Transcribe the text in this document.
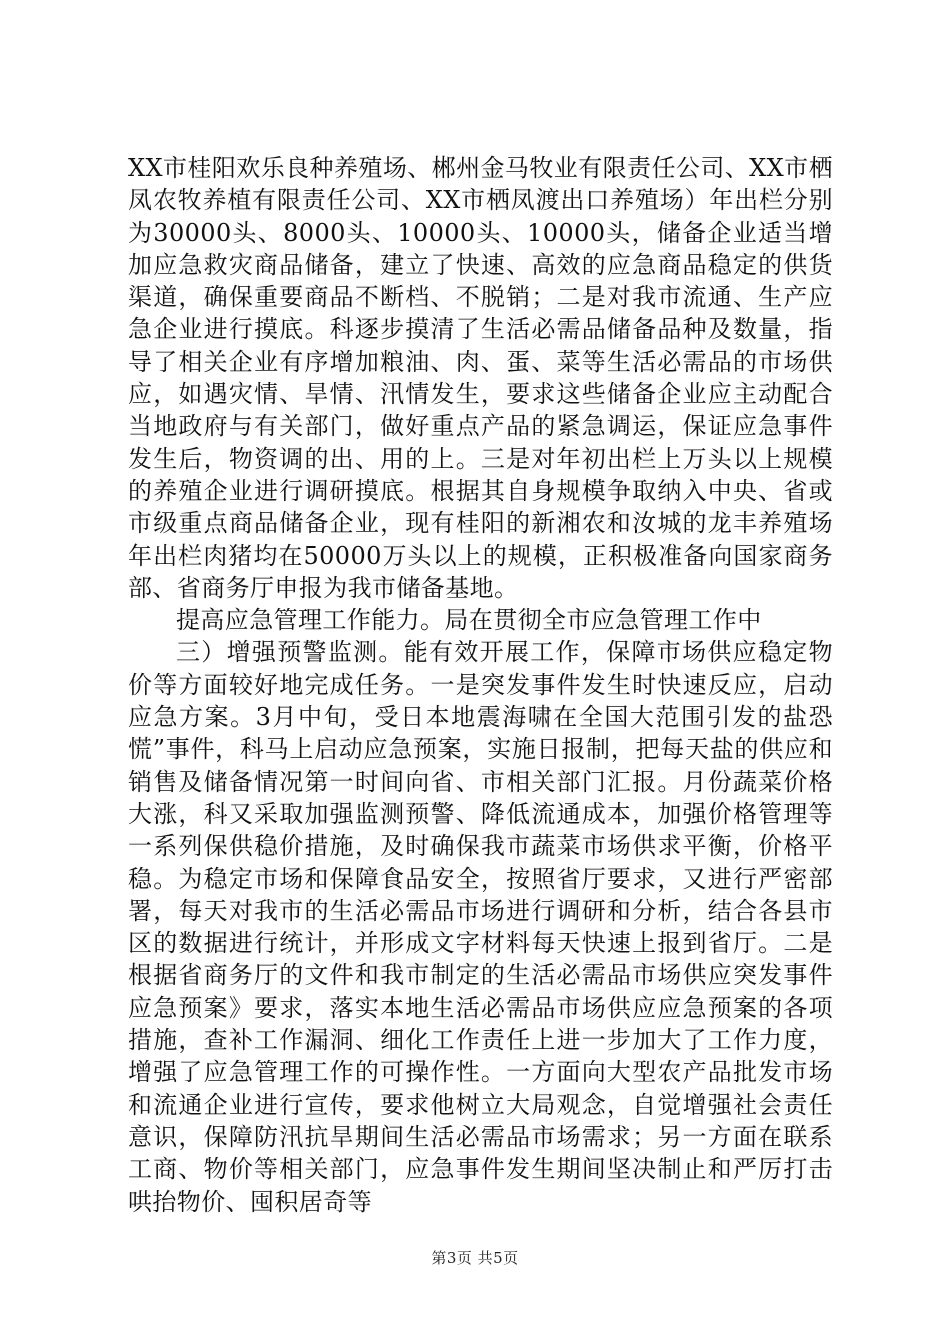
XX市桂阳欢乐良种养殖场、郴州金马牧业有限责任公司、XX市栖凤农牧养植有限责任公司、XX市栖凤渡出口养殖场）年出栏分别为30000头、8000头、10000头、10000头，储备企业适当增加应急救灾商品储备，建立了快速、高效的应急商品稳定的供货渠道，确保重要商品不断档、不脱销；二是对我市流通、生产应急企业进行摸底。科逐步摸清了生活必需品储备品种及数量，指导了相关企业有序增加粮油、肉、蛋、菜等生活必需品的市场供应，如遇灾情、旱情、汛情发生，要求这些储备企业应主动配合当地政府与有关部门，做好重点产品的紧急调运，保证应急事件发生后，物资调的出、用的上。三是对年初出栏上万头以上规模的养殖企业进行调研摸底。根据其自身规模争取纳入中央、省或市级重点商品储备企业，现有桂阳的新湘农和汝城的龙丰养殖场年出栏肉猪均在50000万头以上的规模，正积极准备向国家商务部、省商务厅申报为我市储备基地。

提高应急管理工作能力。局在贯彻全市应急管理工作中

三）增强预警监测。能有效开展工作，保障市场供应稳定物价等方面较好地完成任务。一是突发事件发生时快速反应，启动应急方案。3月中旬，受日本地震海啸在全国大范围引发的盐恐慌”事件，科马上启动应急预案，实施日报制，把每天盐的供应和销售及储备情况第一时间向省、市相关部门汇报。月份蔬菜价格大涨，科又采取加强监测预警、降低流通成本，加强价格管理等一系列保供稳价措施，及时确保我市蔬菜市场供求平衡，价格平稳。为稳定市场和保障食品安全，按照省厅要求，又进行严密部署，每天对我市的生活必需品市场进行调研和分析，结合各县市区的数据进行统计，并形成文字材料每天快速上报到省厅。二是根据省商务厅的文件和我市制定的生活必需品市场供应突发事件应急预案》要求，落实本地生活必需品市场供应应急预案的各项措施，查补工作漏洞、细化工作责任上进一步加大了工作力度，增强了应急管理工作的可操作性。一方面向大型农产品批发市场和流通企业进行宣传，要求他树立大局观念，自觉增强社会责任意识，保障防汛抗旱期间生活必需品市场需求；另一方面在联系工商、物价等相关部门，应急事件发生期间坚决制止和严厉打击哄抬物价、囤积居奇等

第3页 共5页
